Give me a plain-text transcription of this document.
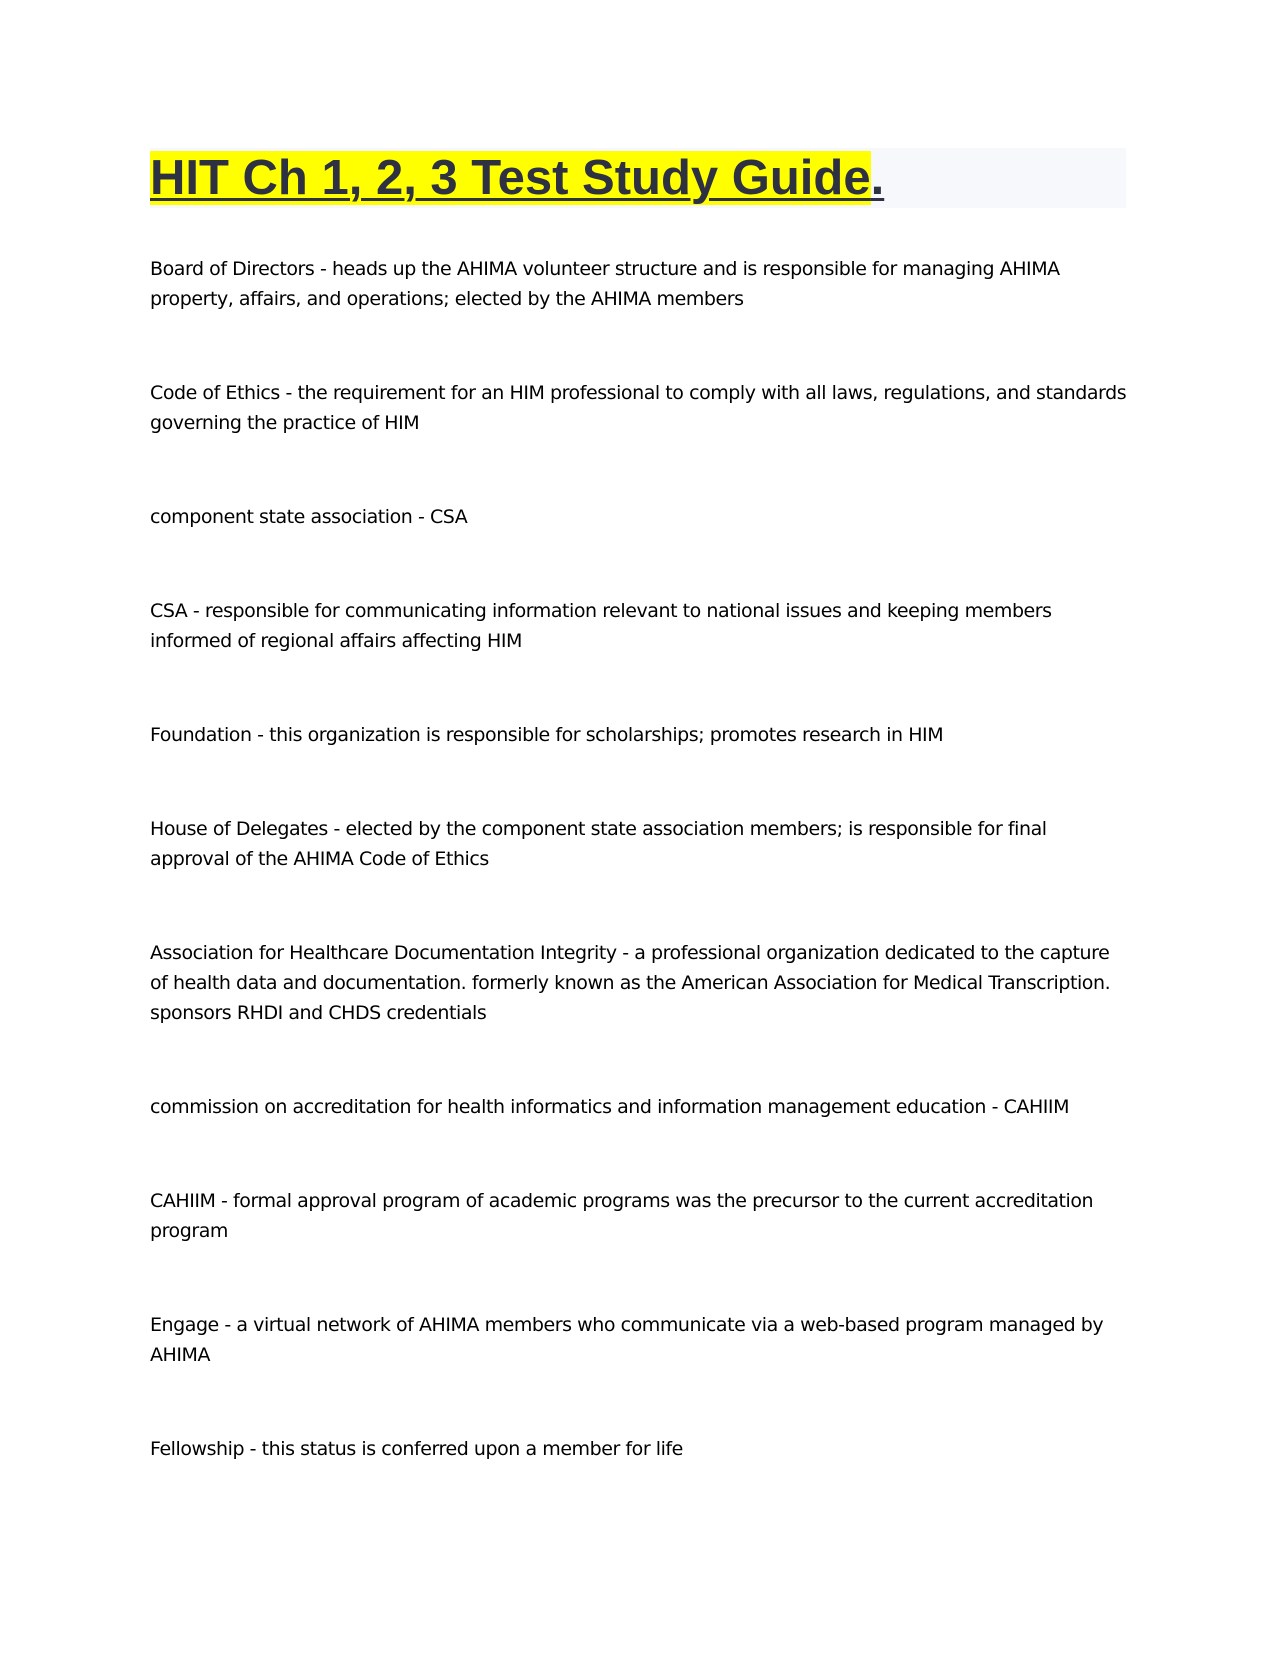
HIT Ch 1, 2, 3 Test Study Guide.
Board of Directors - heads up the AHIMA volunteer structure and is responsible for managing AHIMA property, affairs, and operations; elected by the AHIMA members
Code of Ethics - the requirement for an HIM professional to comply with all laws, regulations, and standards governing the practice of HIM
component state association - CSA
CSA - responsible for communicating information relevant to national issues and keeping members informed of regional affairs affecting HIM
Foundation - this organization is responsible for scholarships; promotes research in HIM
House of Delegates - elected by the component state association members; is responsible for final approval of the AHIMA Code of Ethics
Association for Healthcare Documentation Integrity - a professional organization dedicated to the capture of health data and documentation. formerly known as the American Association for Medical Transcription. sponsors RHDI and CHDS credentials
commission on accreditation for health informatics and information management education - CAHIIM
CAHIIM - formal approval program of academic programs was the precursor to the current accreditation program
Engage - a virtual network of AHIMA members who communicate via a web-based program managed by AHIMA
Fellowship - this status is conferred upon a member for life
